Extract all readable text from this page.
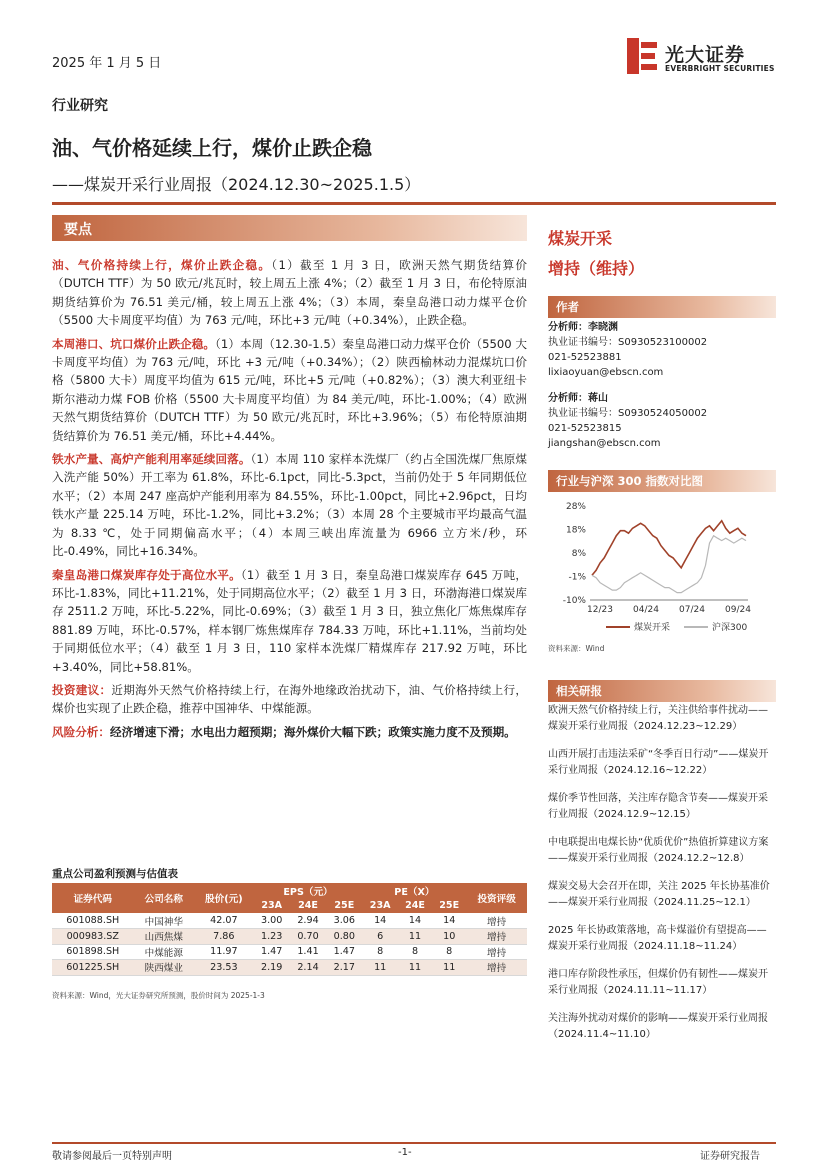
2025 年 1 月 5 日	光大证券
EVERBRIGHT SECURITIES
行业研究
油、气价格延续上行，煤价止跌企稳
——煤炭开采行业周报（2024.12.30~2025.1.5）
要点

油、气价格持续上行，煤价止跌企稳。（1）截至 1 月 3 日，欧洲天然气期货结算价（DUTCH TTF）为 50 欧元/兆瓦时，较上周五上涨 4%；（2）截至 1 月 3 日，布伦特原油期货结算价为 76.51 美元/桶，较上周五上涨 4%；（3）本周，秦皇岛港口动力煤平仓价（5500 大卡周度平均值）为 763 元/吨，环比+3 元/吨（+0.34%），止跌企稳。

本周港口、坑口煤价止跌企稳。（1）本周（12.30-1.5）秦皇岛港口动力煤平仓价（5500 大卡周度平均值）为 763 元/吨，环比 +3 元/吨（+0.34%）；（2）陕西榆林动力混煤坑口价格（5800 大卡）周度平均值为 615 元/吨，环比+5 元/吨（+0.82%）；（3）澳大利亚纽卡斯尔港动力煤 FOB 价格（5500 大卡周度平均值）为 84 美元/吨，环比-1.00%；（4）欧洲天然气期货结算价（DUTCH TTF）为 50 欧元/兆瓦时，环比+3.96%；（5）布伦特原油期货结算价为 76.51 美元/桶，环比+4.44%。

铁水产量、高炉产能利用率延续回落。（1）本周 110 家样本洗煤厂（约占全国洗煤厂焦原煤入洗产能 50%）开工率为 61.8%，环比-6.1pct，同比-5.3pct，当前仍处于 5 年同期低位水平；（2）本周 247 座高炉产能利用率为 84.55%，环比-1.00pct，同比+2.96pct，日均铁水产量 225.14 万吨，环比-1.2%，同比+3.2%；（3）本周 28 个主要城市平均最高气温为 8.33 ℃，处于同期偏高水平；（4）本周三峡出库流量为 6966 立方米/秒，环比-0.49%，同比+16.34%。

秦皇岛港口煤炭库存处于高位水平。（1）截至 1 月 3 日，秦皇岛港口煤炭库存 645 万吨，环比-1.83%，同比+11.21%，处于同期高位水平；（2）截至 1 月 3 日，环渤海港口煤炭库存 2511.2 万吨，环比-5.22%，同比-0.69%；（3）截至 1 月 3 日，独立焦化厂炼焦煤库存 881.89 万吨，环比-0.57%，样本钢厂炼焦煤库存 784.33 万吨，环比+1.11%，当前均处于同期低位水平；（4）截至 1 月 3 日，110 家样本洗煤厂精煤库存 217.92 万吨，环比+3.40%，同比+58.81%。

投资建议：近期海外天然气价格持续上行，在海外地缘政治扰动下，油、气价格持续上行，煤价也实现了止跌企稳，推荐中国神华、中煤能源。

风险分析：经济增速下滑；水电出力超预期；海外煤价大幅下跌；政策实施力度不及预期。

重点公司盈利预测与估值表
证券代码	公司名称	股价(元)	EPS（元）			PE（X）			投资评级
			23A	24E	25E	23A	24E	25E	
601088.SH	中国神华	42.07	3.00	2.94	3.06	14	14	14	增持
000983.SZ	山西焦煤	7.86	1.23	0.70	0.80	6	11	10	增持
601898.SH	中煤能源	11.97	1.47	1.41	1.47	8	8	8	增持
601225.SH	陕西煤业	23.53	2.19	2.14	2.17	11	11	11	增持
资料来源：Wind，光大证券研究所预测，股价时间为 2025-1-3
煤炭开采
增持（维持）
作者
分析师：李晓渊
执业证书编号：S0930523100002
021-52523881
lixiaoyuan@ebscn.com
分析师：蒋山
执业证书编号：S0930524050002
021-52523815
jiangshan@ebscn.com
行业与沪深 300 指数对比图
28%
18%
8%
-1%
-10%
12/23 04/24 07/24 09/24
煤炭开采	沪深300
资料来源：Wind
相关研报
欧洲天然气价格持续上行，关注供给事件扰动——煤炭开采行业周报（2024.12.23~12.29）
山西开展打击违法采矿“冬季百日行动”——煤炭开采行业周报（2024.12.16~12.22）
煤价季节性回落，关注库存隐含节奏——煤炭开采行业周报（2024.12.9~12.15）
中电联提出电煤长协“优质优价”热值折算建议方案——煤炭开采行业周报（2024.12.2~12.8）
煤炭交易大会召开在即，关注 2025 年长协基准价——煤炭开采行业周报（2024.11.25~12.1）
2025 年长协政策落地，高卡煤溢价有望提高——煤炭开采行业周报（2024.11.18~11.24）
港口库存阶段性承压，但煤价仍有韧性——煤炭开采行业周报（2024.11.11~11.17）
关注海外扰动对煤价的影响——煤炭开采行业周报（2024.11.4~11.10）
敬请参阅最后一页特别声明	-1-	证券研究报告
